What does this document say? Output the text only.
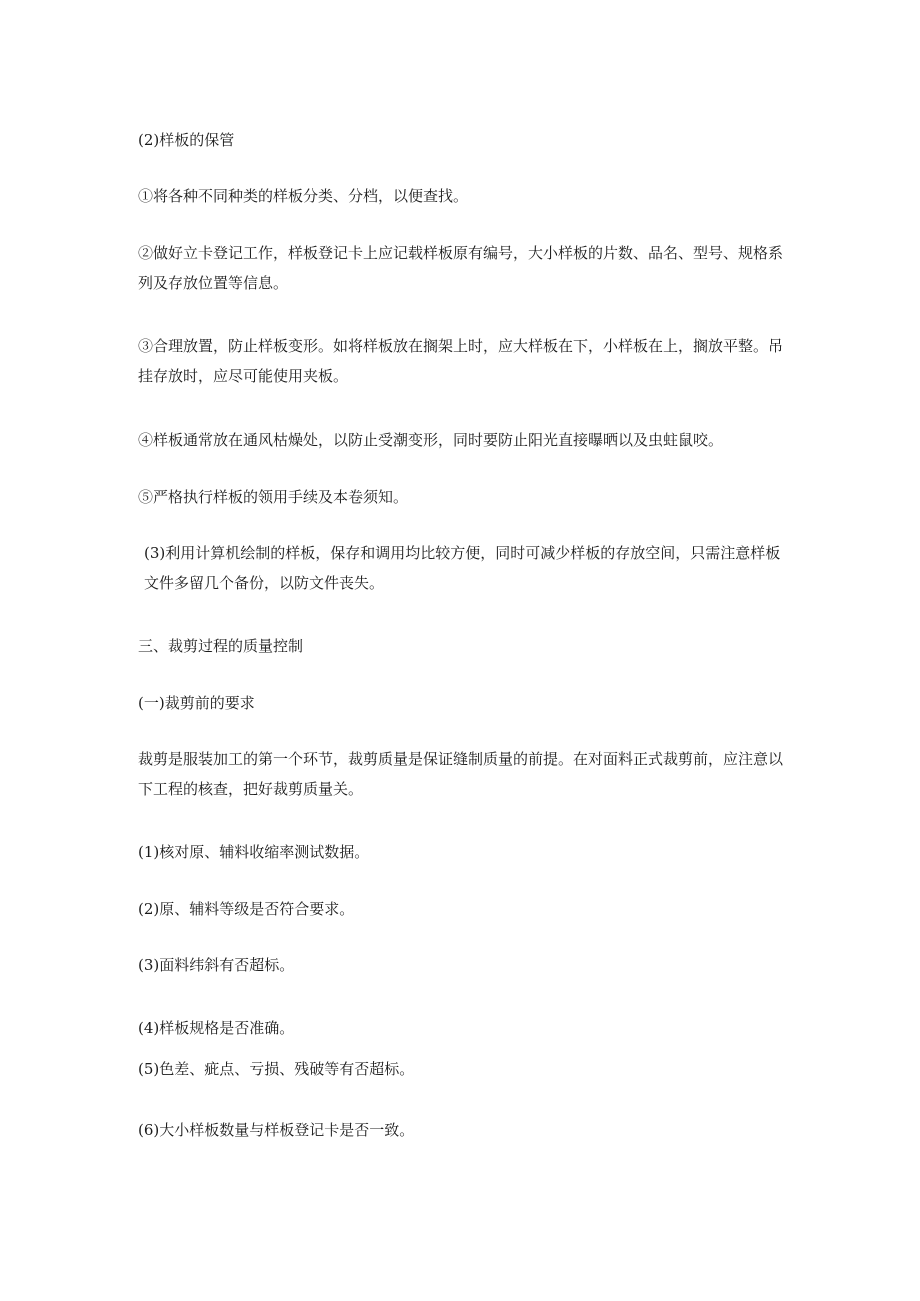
(2)样板的保管

①将各种不同种类的样板分类、分档，以便查找。

②做好立卡登记工作，样板登记卡上应记载样板原有编号，大小样板的片数、品名、型号、规格系列及存放位置等信息。

③合理放置，防止样板变形。如将样板放在搁架上时，应大样板在下，小样板在上，搁放平整。吊挂存放时，应尽可能使用夹板。

④样板通常放在通风枯燥处，以防止受潮变形，同时要防止阳光直接曝晒以及虫蛀鼠咬。

⑤严格执行样板的领用手续及本卷须知。

(3)利用计算机绘制的样板，保存和调用均比较方便，同时可减少样板的存放空间，只需注意样板文件多留几个备份，以防文件丧失。

三、裁剪过程的质量控制

(一)裁剪前的要求

裁剪是服装加工的第一个环节，裁剪质量是保证缝制质量的前提。在对面料正式裁剪前，应注意以下工程的核查，把好裁剪质量关。

(1)核对原、辅料收缩率测试数据。

(2)原、辅料等级是否符合要求。

(3)面料纬斜有否超标。

(4)样板规格是否准确。

(5)色差、疵点、亏损、残破等有否超标。

(6)大小样板数量与样板登记卡是否一致。
